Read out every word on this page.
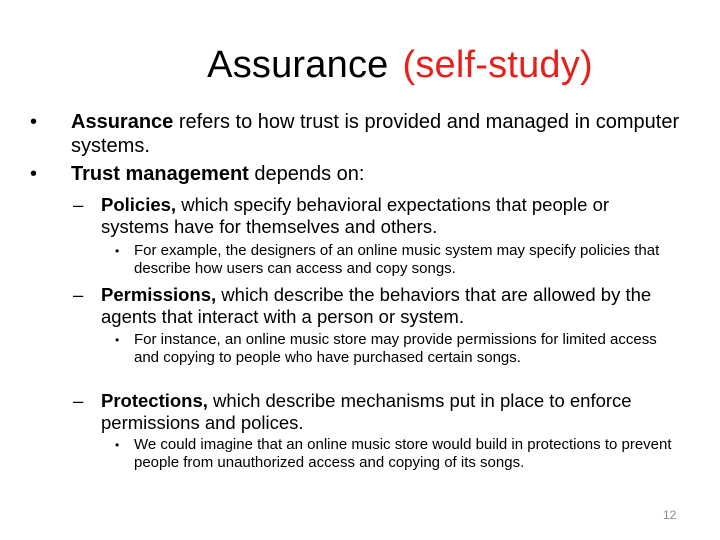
Assurance (self-study)
• Assurance refers to how trust is provided and managed in computer systems.
• Trust management depends on:
– Policies, which specify behavioral expectations that people or systems have for themselves and others.
• For example, the designers of an online music system may specify policies that describe how users can access and copy songs.
– Permissions, which describe the behaviors that are allowed by the agents that interact with a person or system.
• For instance, an online music store may provide permissions for limited access and copying to people who have purchased certain songs.
– Protections, which describe mechanisms put in place to enforce permissions and polices.
• We could imagine that an online music store would build in protections to prevent people from unauthorized access and copying of its songs.
12
